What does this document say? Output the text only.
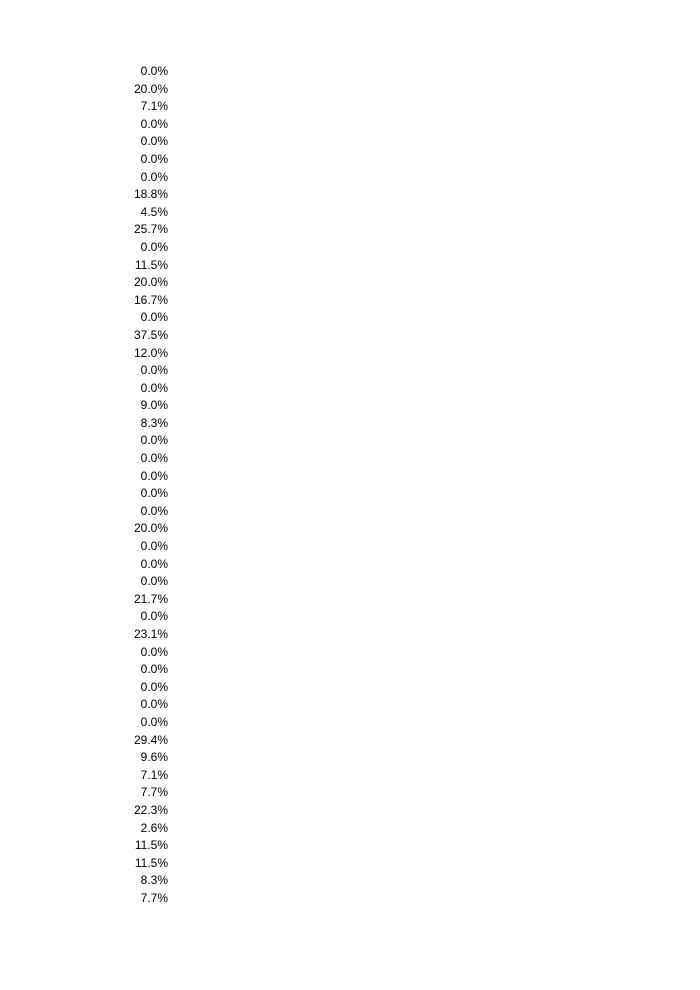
0.0%
20.0%
7.1%
0.0%
0.0%
0.0%
0.0%
18.8%
4.5%
25.7%
0.0%
11.5%
20.0%
16.7%
0.0%
37.5%
12.0%
0.0%
0.0%
9.0%
8.3%
0.0%
0.0%
0.0%
0.0%
0.0%
20.0%
0.0%
0.0%
0.0%
21.7%
0.0%
23.1%
0.0%
0.0%
0.0%
0.0%
0.0%
29.4%
9.6%
7.1%
7.7%
22.3%
2.6%
11.5%
11.5%
8.3%
7.7%
